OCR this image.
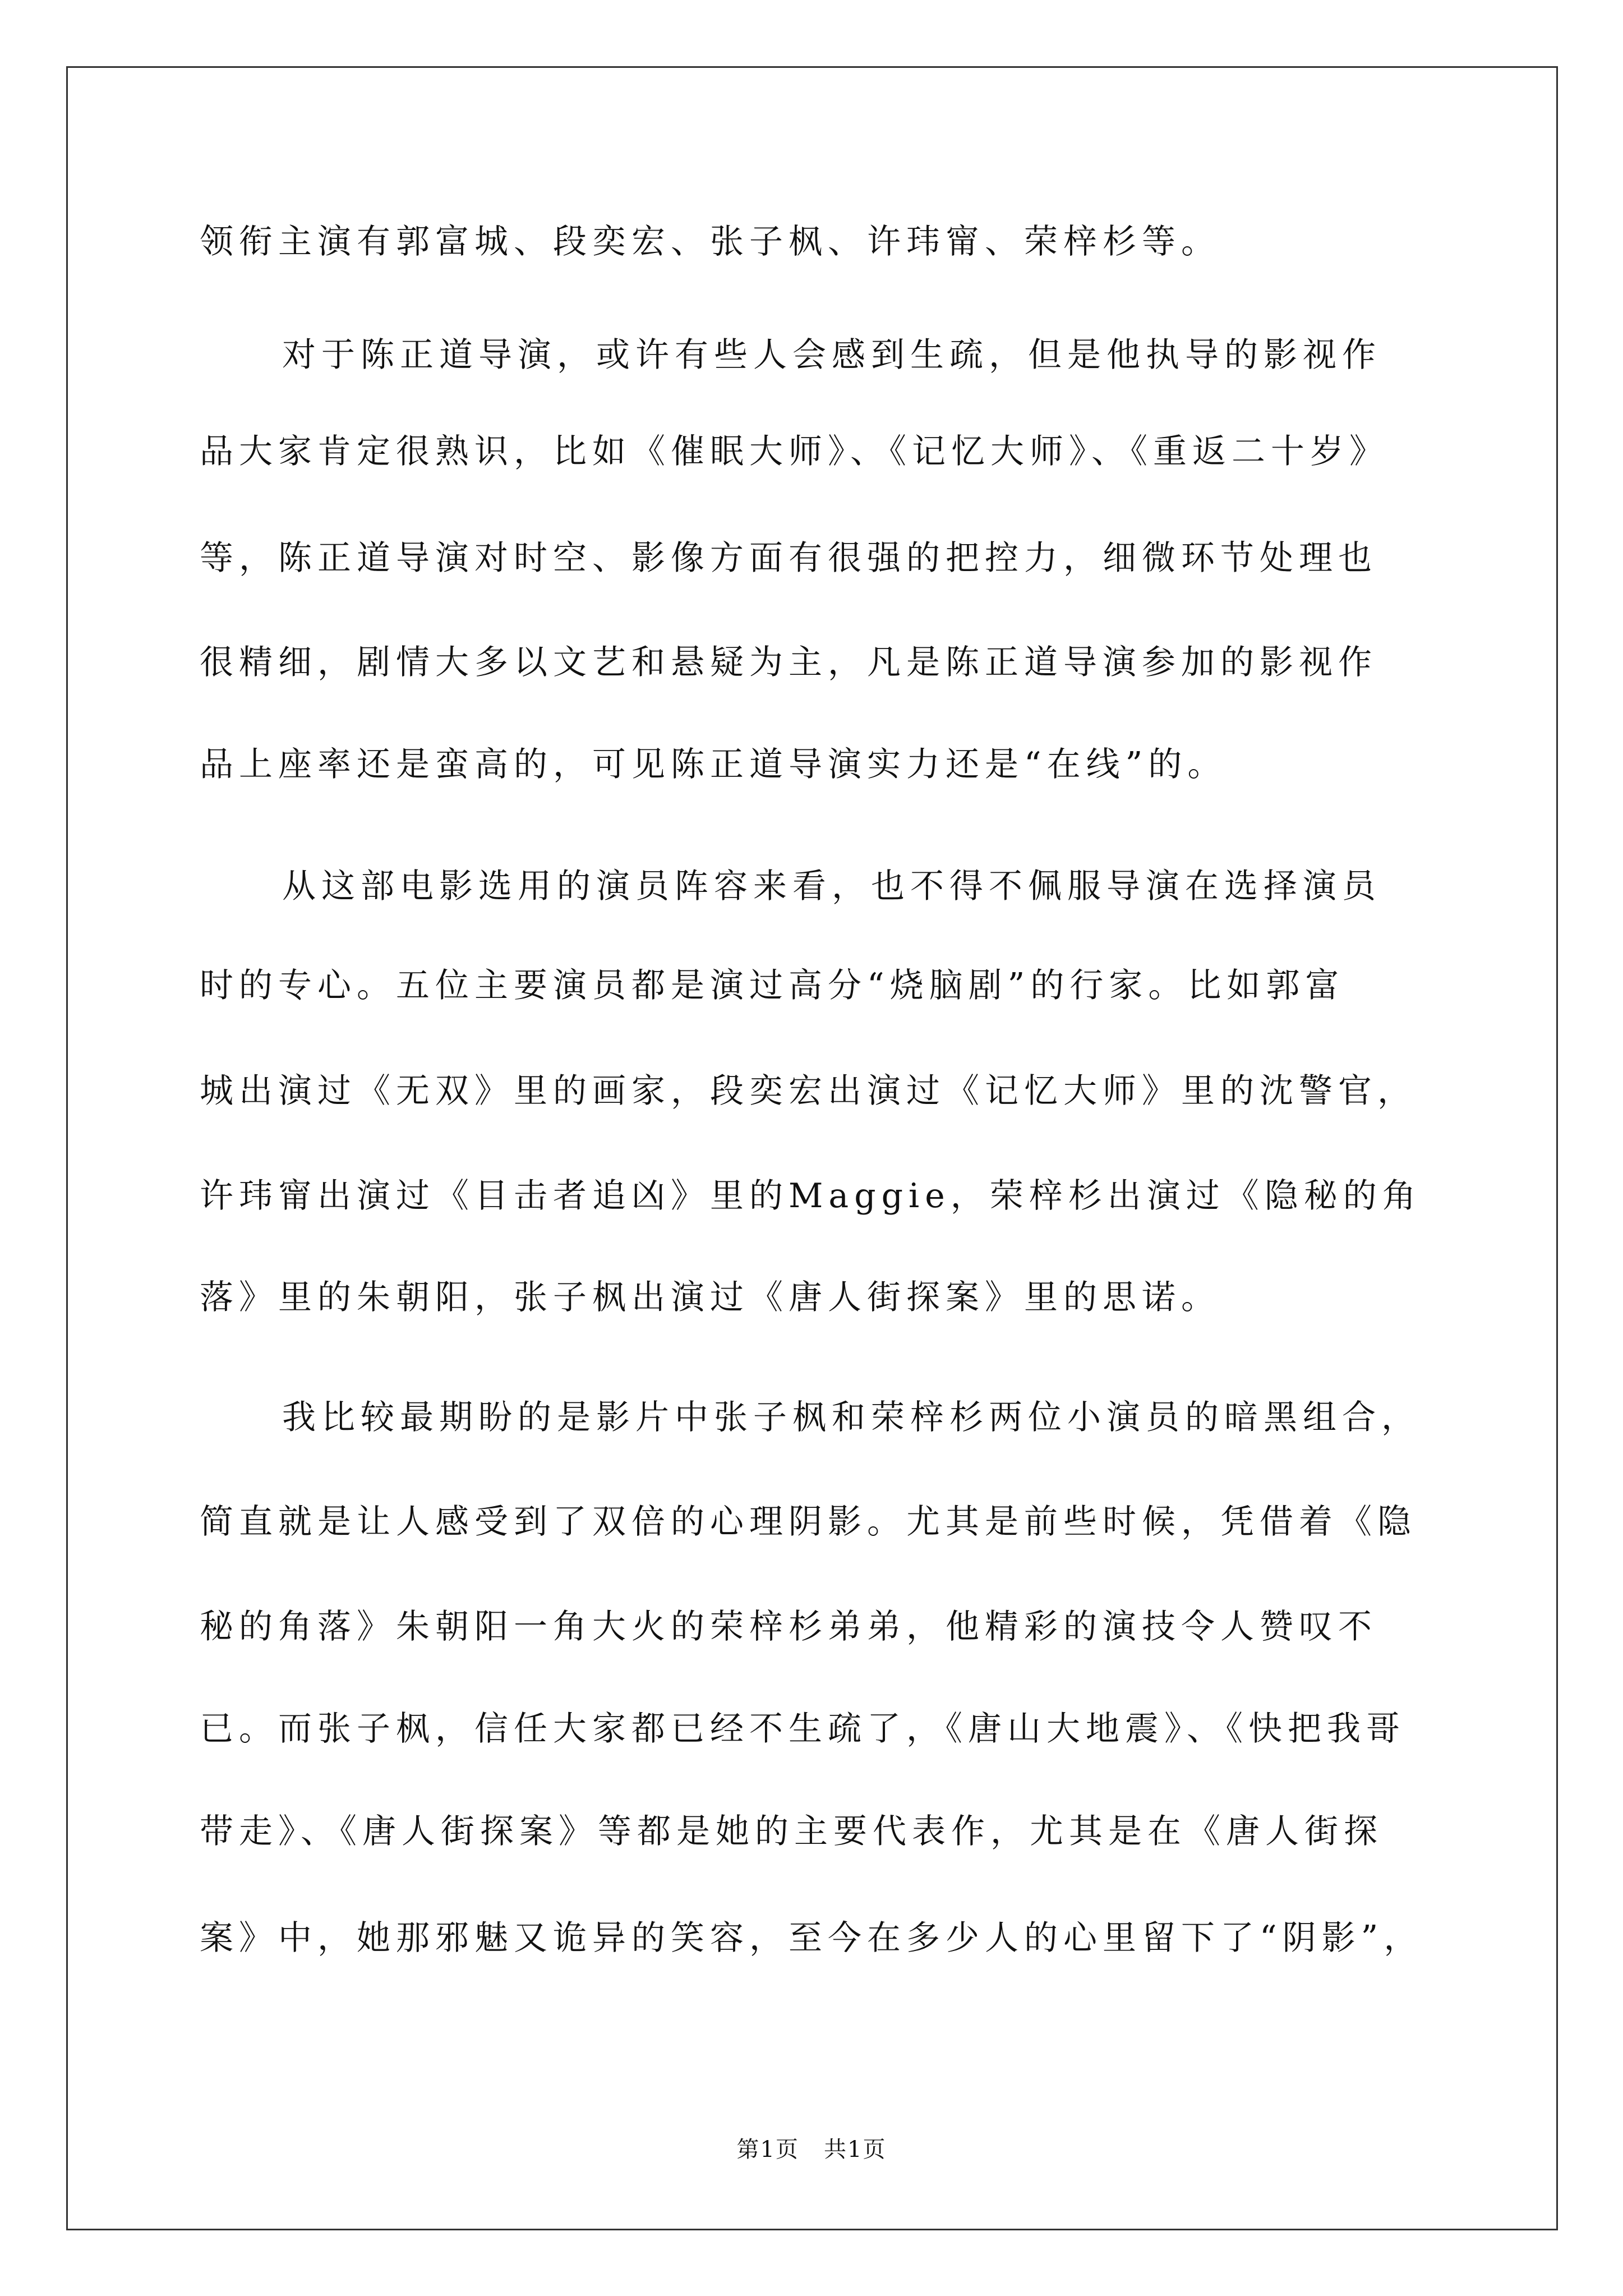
领衔主演有郭富城、段奕宏、张子枫、许玮甯、荣梓杉等。
对于陈正道导演，或许有些人会感到生疏，但是他执导的影视作
品大家肯定很熟识，比如《催眠大师》、《记忆大师》、《重返二十岁》
等，陈正道导演对时空、影像方面有很强的把控力，细微环节处理也
很精细，剧情大多以文艺和悬疑为主，凡是陈正道导演参加的影视作
品上座率还是蛮高的，可见陈正道导演实力还是“在线”的。
从这部电影选用的演员阵容来看，也不得不佩服导演在选择演员
时的专心。五位主要演员都是演过高分“烧脑剧”的行家。比如郭富
城出演过《无双》里的画家，段奕宏出演过《记忆大师》里的沈警官，
许玮甯出演过《目击者追凶》里的Maggie，荣梓杉出演过《隐秘的角
落》里的朱朝阳，张子枫出演过《唐人街探案》里的思诺。
我比较最期盼的是影片中张子枫和荣梓杉两位小演员的暗黑组合，
简直就是让人感受到了双倍的心理阴影。尤其是前些时候，凭借着《隐
秘的角落》朱朝阳一角大火的荣梓杉弟弟，他精彩的演技令人赞叹不
已。而张子枫，信任大家都已经不生疏了，《唐山大地震》、《快把我哥
带走》、《唐人街探案》等都是她的主要代表作，尤其是在《唐人街探
案》中，她那邪魅又诡异的笑容，至今在多少人的心里留下了“阴影”，
第1页 共1页
